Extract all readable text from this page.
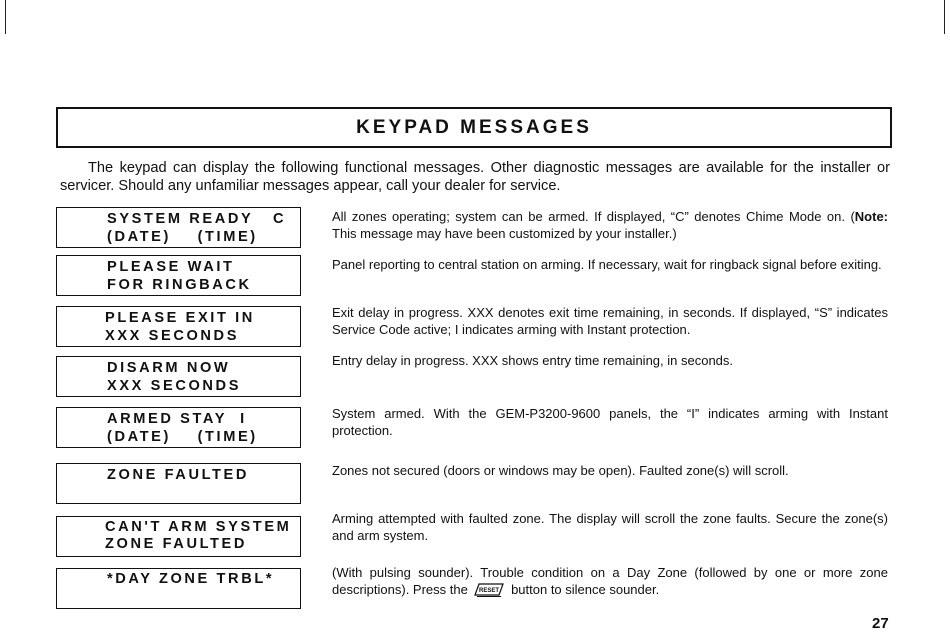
KEYPAD MESSAGES

The keypad can display the following functional messages. Other diagnostic messages are available for the installer or servicer. Should any unfamiliar messages appear, call your dealer for service.

SYSTEM READY   C
(DATE)    (TIME)
All zones operating; system can be armed. If displayed, “C” denotes Chime Mode on. (Note: This message may have been customized by your installer.)
PLEASE WAIT
FOR RINGBACK
Panel reporting to central station on arming. If necessary, wait for ringback signal before exiting.
PLEASE EXIT IN
XXX SECONDS
Exit delay in progress. XXX denotes exit time remaining, in seconds. If displayed, “S” indicates Service Code active; I indicates arming with Instant protection.
DISARM NOW
XXX SECONDS
Entry delay in progress. XXX shows entry time remaining, in seconds.
ARMED STAY  I
(DATE)    (TIME)
System armed. With the GEM-P3200-9600 panels, the “I” indicates arming with Instant protection.
ZONE FAULTED	Zones not secured (doors or windows may be open). Faulted zone(s) will scroll.
CAN'T ARM SYSTEM
ZONE FAULTED
Arming attempted with faulted zone. The display will scroll the zone faults. Secure the zone(s) and arm system.
*DAY ZONE TRBL*	(With pulsing sounder). Trouble condition on a Day Zone (followed by one or more zone descriptions). Press the RESET button to silence sounder.
27
